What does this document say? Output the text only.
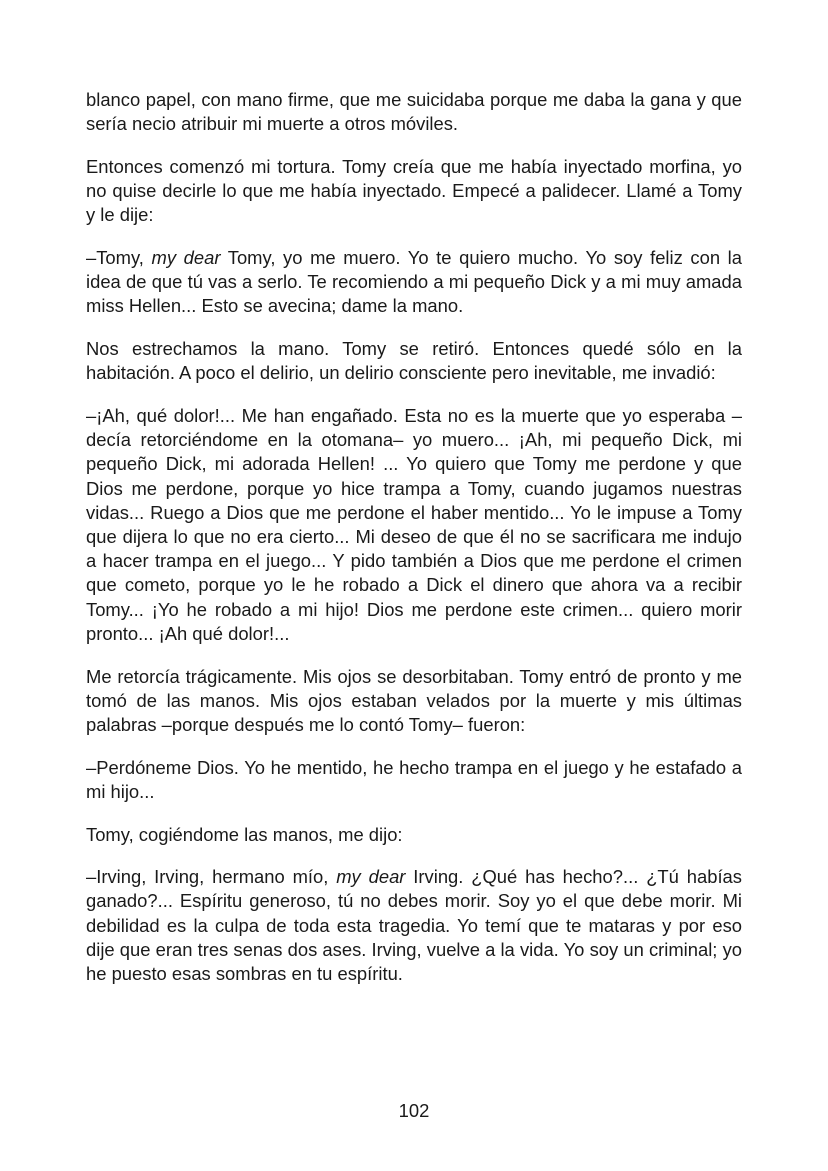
blanco papel, con mano firme, que me suicidaba porque me daba la gana y que sería necio atribuir mi muerte a otros móviles.

Entonces comenzó mi tortura. Tomy creía que me había inyectado morfina, yo no quise decirle lo que me había inyectado. Empecé a palidecer. Llamé a Tomy y le dije:

–Tomy, my dear Tomy, yo me muero. Yo te quiero mucho. Yo soy feliz con la idea de que tú vas a serlo. Te recomiendo a mi pequeño Dick y a mi muy amada miss Hellen... Esto se avecina; dame la mano.

Nos estrechamos la mano. Tomy se retiró. Entonces quedé sólo en la habitación. A poco el delirio, un delirio consciente pero inevitable, me invadió:

–¡Ah, qué dolor!... Me han engañado. Esta no es la muerte que yo esperaba –decía retorciéndome en la otomana– yo muero... ¡Ah, mi pequeño Dick, mi pequeño Dick, mi adorada Hellen! ... Yo quiero que Tomy me perdone y que Dios me perdone, porque yo hice trampa a Tomy, cuando jugamos nuestras vidas... Ruego a Dios que me perdone el haber mentido... Yo le impuse a Tomy que dijera lo que no era cierto... Mi deseo de que él no se sacrificara me indujo a hacer trampa en el juego... Y pido también a Dios que me perdone el crimen que cometo, porque yo le he robado a Dick el dinero que ahora va a recibir Tomy... ¡Yo he robado a mi hijo! Dios me perdone este crimen... quiero morir pronto... ¡Ah qué dolor!...

Me retorcía trágicamente. Mis ojos se desorbitaban. Tomy entró de pronto y me tomó de las manos. Mis ojos estaban velados por la muerte y mis últimas palabras –porque después me lo contó Tomy– fueron:

–Perdóneme Dios. Yo he mentido, he hecho trampa en el juego y he estafado a mi hijo...

Tomy, cogiéndome las manos, me dijo:

–Irving, Irving, hermano mío, my dear Irving. ¿Qué has hecho?... ¿Tú habías ganado?... Espíritu generoso, tú no debes morir. Soy yo el que debe morir. Mi debilidad es la culpa de toda esta tragedia. Yo temí que te mataras y por eso dije que eran tres senas dos ases. Irving, vuelve a la vida. Yo soy un criminal; yo he puesto esas sombras en tu espíritu.

102
